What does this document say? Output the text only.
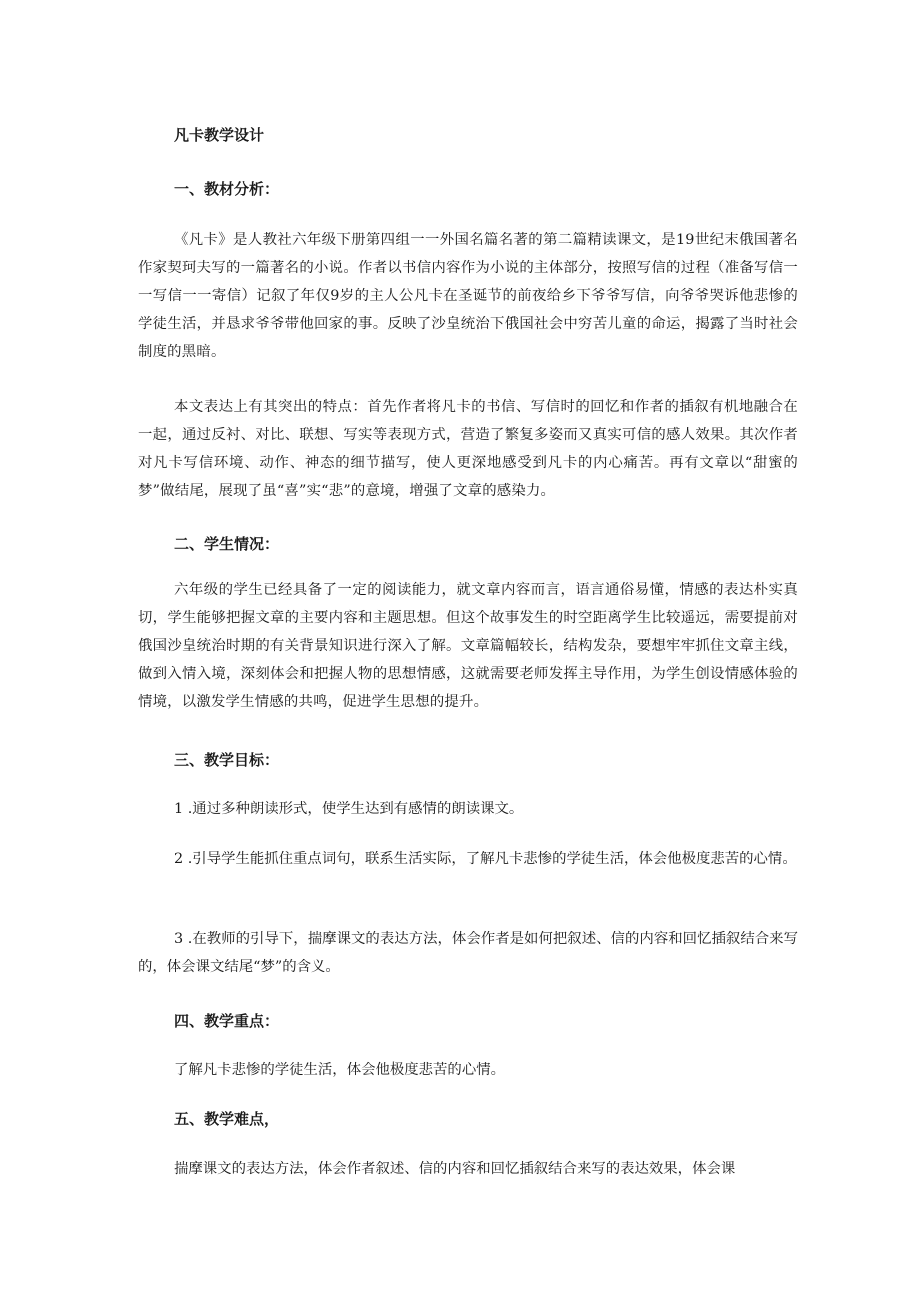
凡卡教学设计
一、教材分析：
《凡卡》是人教社六年级下册第四组一一外国名篇名著的第二篇精读课文，是19世纪末俄国著名作家契珂夫写的一篇著名的小说。作者以书信内容作为小说的主体部分，按照写信的过程（准备写信一一写信一一寄信）记叙了年仅9岁的主人公凡卡在圣诞节的前夜给乡下爷爷写信，向爷爷哭诉他悲惨的学徒生活，并恳求爷爷带他回家的事。反映了沙皇统治下俄国社会中穷苦儿童的命运，揭露了当时社会制度的黑暗。
本文表达上有其突出的特点：首先作者将凡卡的书信、写信时的回忆和作者的插叙有机地融合在一起，通过反衬、对比、联想、写实等表现方式，营造了繁复多姿而又真实可信的感人效果。其次作者对凡卡写信环境、动作、神态的细节描写，使人更深地感受到凡卡的内心痛苦。再有文章以“甜蜜的梦”做结尾，展现了虽“喜”实“悲”的意境，增强了文章的感染力。
二、学生情况：
六年级的学生已经具备了一定的阅读能力，就文章内容而言，语言通俗易懂，情感的表达朴实真切，学生能够把握文章的主要内容和主题思想。但这个故事发生的时空距离学生比较遥远，需要提前对俄国沙皇统治时期的有关背景知识进行深入了解。文章篇幅较长，结构发杂，要想牢牢抓住文章主线，做到入情入境，深刻体会和把握人物的思想情感，这就需要老师发挥主导作用，为学生创设情感体验的情境，以激发学生情感的共鸣，促进学生思想的提升。
三、教学目标：
1 .通过多种朗读形式，使学生达到有感情的朗读课文。
2 .引导学生能抓住重点词句，联系生活实际，了解凡卡悲惨的学徒生活，体会他极度悲苦的心情。
3 .在教师的引导下，揣摩课文的表达方法，体会作者是如何把叙述、信的内容和回忆插叙结合来写的，体会课文结尾“梦”的含义。
四、教学重点：
了解凡卡悲惨的学徒生活，体会他极度悲苦的心情。
五、教学难点，
揣摩课文的表达方法，体会作者叙述、信的内容和回忆插叙结合来写的表达效果，体会课
